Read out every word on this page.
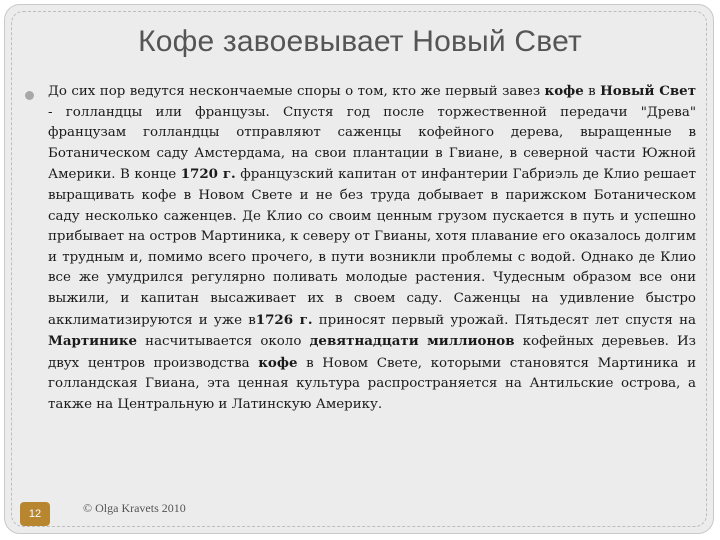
Кофе завоевывает Новый Свет

До сих пор ведутся нескончаемые споры о том, кто же первый завез кофе в Новый Свет - голландцы или французы. Спустя год после торжественной передачи "Древа" французам голландцы отправляют саженцы кофейного дерева, выращенные в Ботаническом саду Амстердама, на свои плантации в Гвиане, в северной части Южной Америки. В конце 1720 г. французский капитан от инфантерии Габриэль де Клио решает выращивать кофе в Новом Свете и не без труда добывает в парижском Ботаническом саду несколько саженцев. Де Клио со своим ценным грузом пускается в путь и успешно прибывает на остров Мартиника, к северу от Гвианы, хотя плавание его оказалось долгим и трудным и, помимо всего прочего, в пути возникли проблемы с водой. Однако де Клио все же умудрился регулярно поливать молодые растения. Чудесным образом все они выжили, и капитан высаживает их в своем саду. Саженцы на удивление быстро акклиматизируются и уже в1726 г. приносят первый урожай. Пятьдесят лет спустя на Мартинике насчитывается около девятнадцати миллионов кофейных деревьев. Из двух центров производства кофе в Новом Свете, которыми становятся Мартиника и голландская Гвиана, эта ценная культура распространяется на Антильские острова, а также на Центральную и Латинскую Америку.

12	© Olga Kravets 2010
